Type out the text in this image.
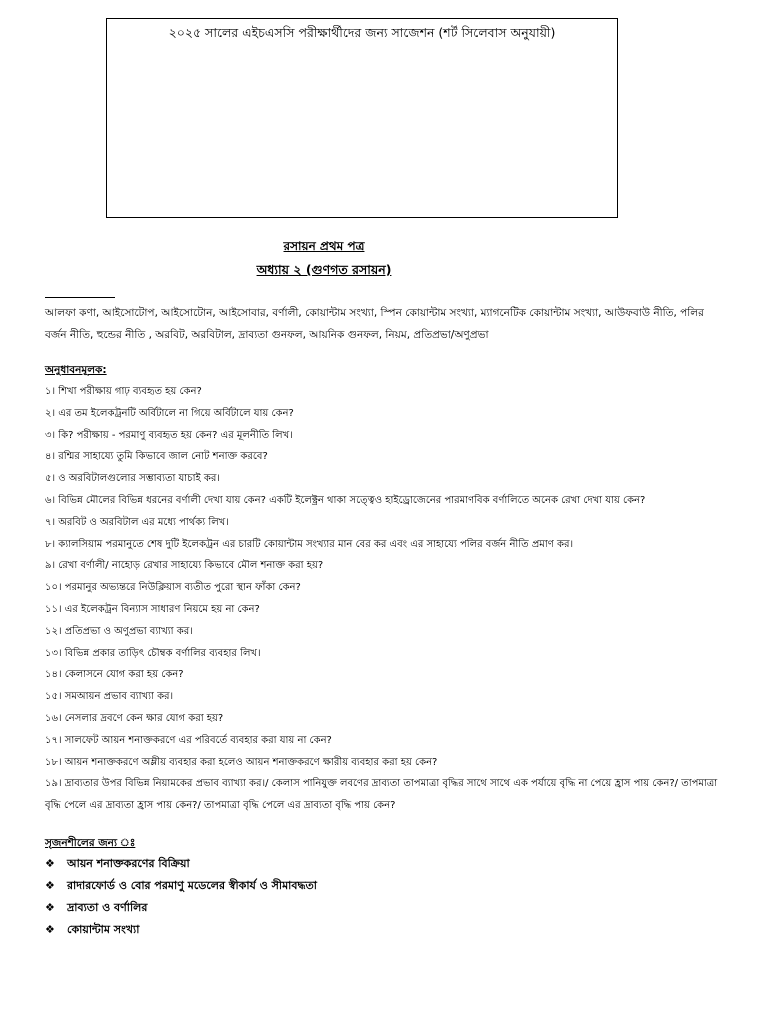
২০২৫ সালের এইচএসসি পরীক্ষার্থীদের জন্য সাজেশন (শর্ট সিলেবাস অনুযায়ী)
রসায়ন প্রথম পত্র
অধ্যায় ২ (গুণগত রসায়ন)
আলফা কণা, আইসোটোপ, আইসোটোন, আইসোবার, বর্ণালী, কোয়ান্টাম সংখ্যা, স্পিন কোয়ান্টাম সংখ্যা, ম্যাগনেটিক কোয়ান্টাম সংখ্যা, আউফবাউ নীতি, পলির বর্জন নীতি, হুন্ডের নীতি , অরবিট, অরবিটাল, দ্রাব্যতা গুনফল, আয়নিক গুনফল, নিয়ম, প্রতিপ্রভা/অণুপ্রভা
অনুধাবনমূলক:
১। শিখা পরীক্ষায় গাঢ় ব্যবহৃত হয় কেন?
২। এর তম ইলেকট্রনটি অর্বিটালে না গিয়ে অর্বিটালে যায় কেন?
৩। কি? পরীক্ষায় - পরমাণু ব্যবহৃত হয় কেন? এর মূলনীতি লিখ।
৪। রশ্মির সাহায্যে তুমি কিভাবে জাল নোট শনাক্ত করবে?
৫। ও অরবিটালগুলোর সম্ভাব্যতা যাচাই কর।
৬। বিভিন্ন মৌলের বিভিন্ন ধরনের বর্ণালী দেখা যায় কেন? একটি ইলেক্ট্রন থাকা সত্ত্বেও হাইড্রোজেনের পারমাণবিক বর্ণালিতে অনেক রেখা দেখা যায় কেন?
৭। অরবিট ও অরবিটাল এর মধ্যে পার্থক্য লিখ।
৮। ক্যালসিয়াম পরমানুতে শেষ দুটি ইলেকট্রন এর চারটি কোয়ান্টাম সংখ্যার মান বের কর এবং এর সাহায্যে পলির বর্জন নীতি প্রমাণ কর।
৯। রেখা বর্ণালী/ নাহোড় রেখার সাহায্যে কিভাবে মৌল শনাক্ত করা হয়?
১০। পরমানুর অভ্যন্তরে নিউক্লিয়াস ব্যতীত পুরো স্থান ফাঁকা কেন?
১১। এর ইলেকট্রন বিন্যাস সাধারণ নিয়মে হয় না কেন?
১২। প্রতিপ্রভা ও অণুপ্রভা ব্যাখ্যা কর।
১৩। বিভিন্ন প্রকার তাড়িৎ চৌম্বক বর্ণালির ব্যবহার লিখ।
১৪। কেলাসনে যোগ করা হয় কেন?
১৫। সমআয়ন প্রভাব ব্যাখ্যা কর।
১৬। নেসলার দ্রবণে কেন ক্ষার যোগ করা হয়?
১৭। সালফেট আয়ন শনাক্তকরণে এর পরিবর্তে ব্যবহার করা যায় না কেন?
১৮। আয়ন শনাক্তকরণে অম্লীয় ব্যবহার করা হলেও আয়ন শনাক্তকরণে ক্ষারীয় ব্যবহার করা হয় কেন?
১৯। দ্রাব্যতার উপর বিভিন্ন নিয়ামকের প্রভাব ব্যাখ্যা কর।/ কেলাস পানিযুক্ত লবণের দ্রাব্যতা তাপমাত্রা বৃদ্ধির সাথে সাথে এক পর্যায়ে বৃদ্ধি না পেয়ে হ্রাস পায় কেন?/ তাপমাত্রা বৃদ্ধি পেলে এর দ্রাব্যতা হ্রাস পায় কেন?/ তাপমাত্রা বৃদ্ধি পেলে এর দ্রাব্যতা বৃদ্ধি পায় কেন?
সৃজনশীলের জন্য ঃ
❖	আয়ন শনাক্তকরণের বিক্রিয়া
❖	রাদারফোর্ড ও বোর পরমাণু মডেলের স্বীকার্য ও সীমাবদ্ধতা
❖	দ্রাব্যতা ও বর্ণালির
❖	কোয়ান্টাম সংখ্যা
